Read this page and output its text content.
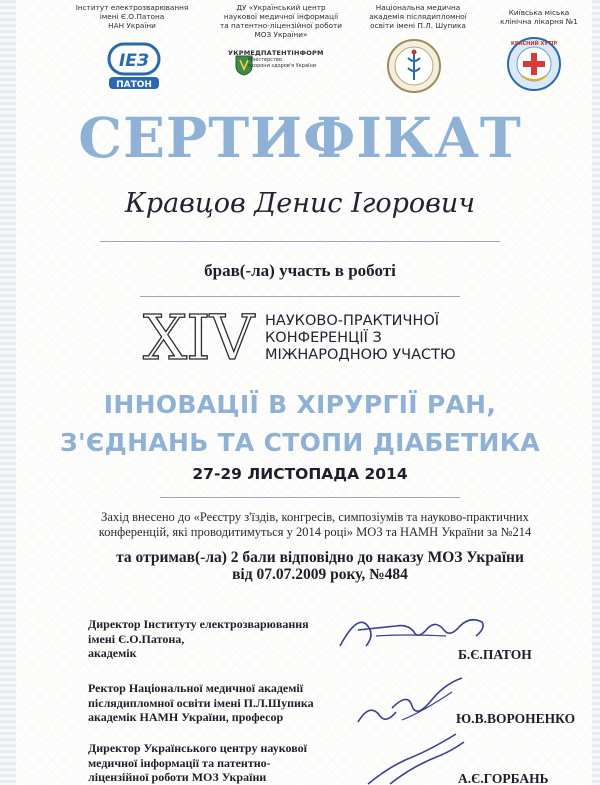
Інститут електрозварювання
імені Є.О.Патона
НАН України
ДУ «Український центр
наукової медичної інформації
та патентно-ліцензійної роботи
МОЗ України»
Національна медична
академія післядипломної
освіти імені П.Л. Шупика
Київська міська
клінічна лікарня №1
ІЕЗ
ПАТОН
УКРМЕДПАТЕНТІНФОРМ
Міністерство
охорони здоров'я України
КРАСНИЙ ХУТІР
СЕРТИФІКАТ
Кравцов Денис Ігорович
брав(-ла) участь в роботі
XIV НАУКОВО-ПРАКТИЧНОЇ
КОНФЕРЕНЦІЇ З
МІЖНАРОДНОЮ УЧАСТЮ
ІННОВАЦІЇ В ХІРУРГІЇ РАН,
З'ЄДНАНЬ ТА СТОПИ ДІАБЕТИКА
27-29 ЛИСТОПАДА 2014
Захід внесено до «Реєстру з'їздів, конгресів, симпозіумів та науково-практичних
конференцій, які проводитимуться у 2014 році» МОЗ та НАМН України за №214
та отримав(-ла) 2 бали відповідно до наказу МОЗ України
від 07.07.2009 року, №484
Директор Інституту електрозварювання
імені Є.О.Патона,
академік	Б.Є.ПАТОН
Ректор Національної медичної академії
післядипломної освіти імені П.Л.Шупика
академік НАМН України, професор	Ю.В.ВОРОНЕНКО
Директор Українського центру наукової
медичної інформації та патентно-
ліцензійної роботи МОЗ України	А.Є.ГОРБАНЬ
